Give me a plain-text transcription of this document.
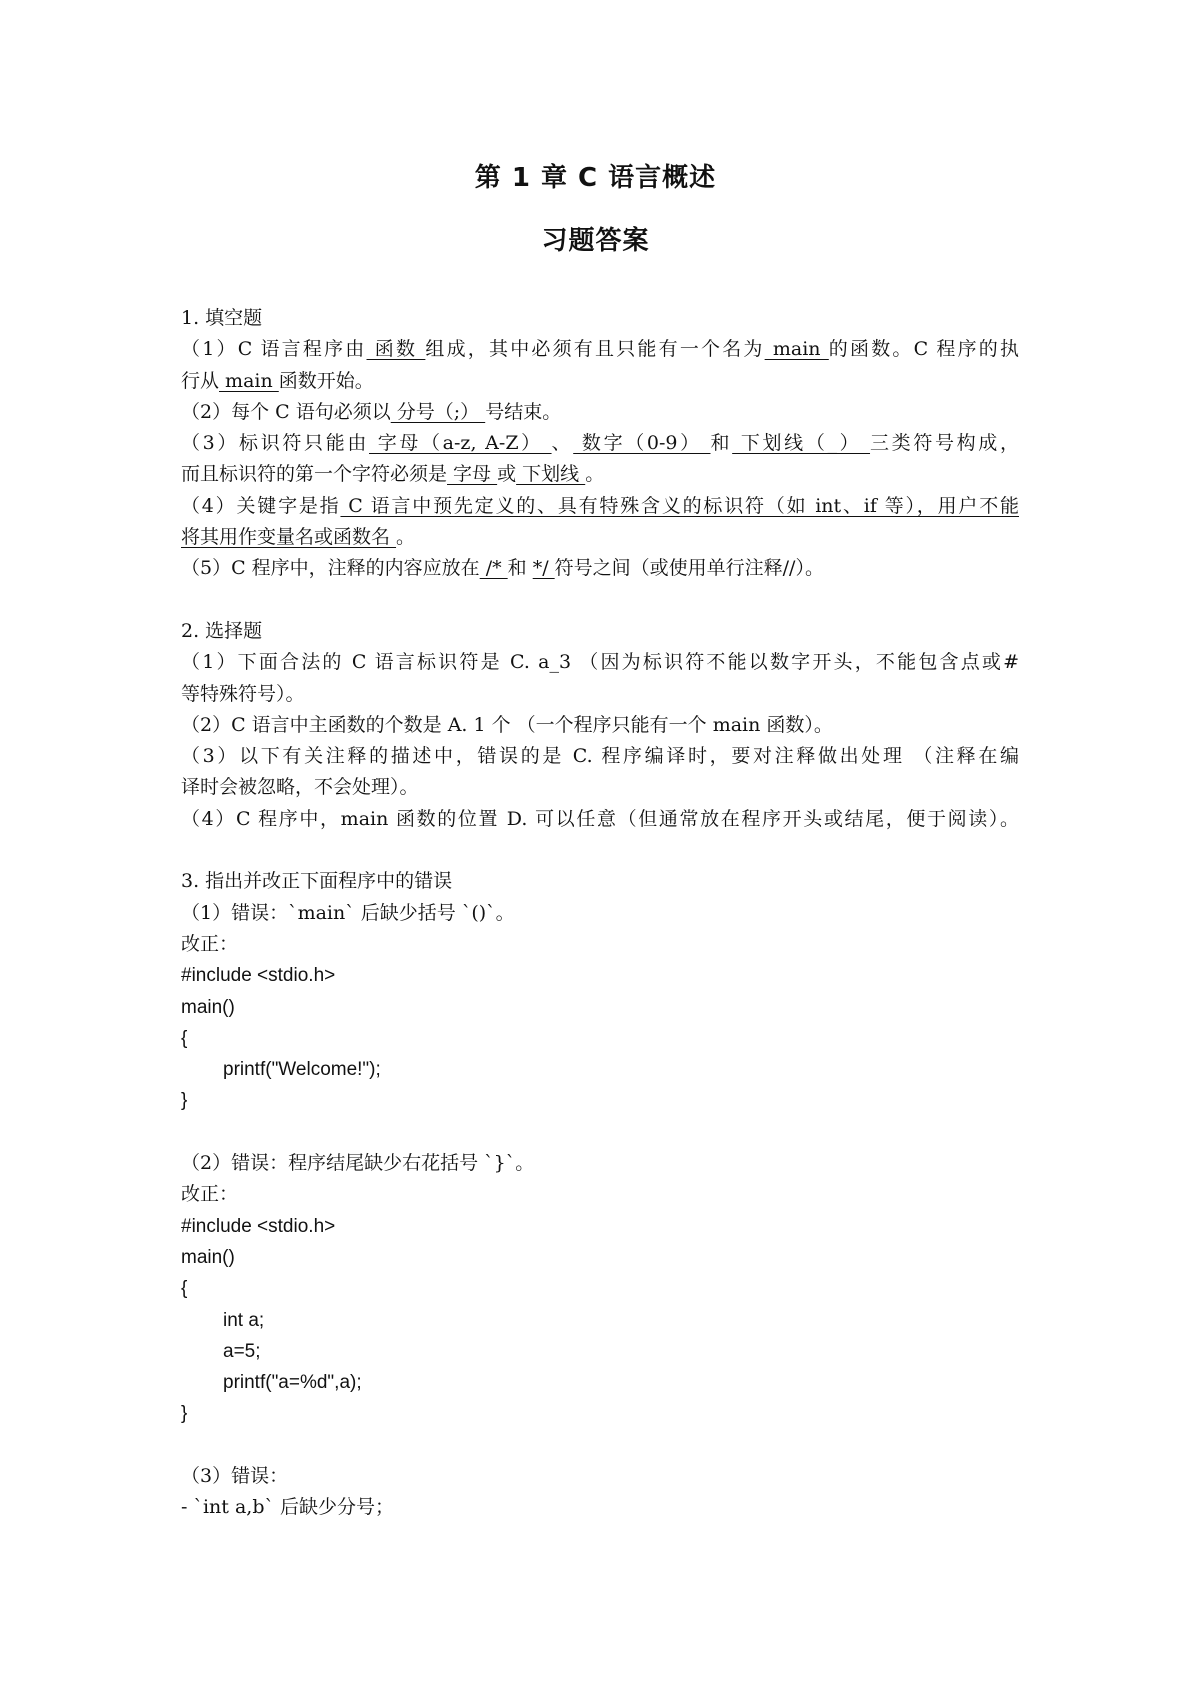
第 1 章 C 语言概述
习题答案
1. 填空题
（1）C 语言程序由 函数 组成，其中必须有且只能有一个名为 main 的函数。C 程序的执
行从 main 函数开始。
（2）每个 C 语句必须以 分号（;） 号结束。
（3）标识符只能由 字母（a-z, A-Z） 、 数字（0-9） 和 下划线（_） 三类符号构成，
而且标识符的第一个字符必须是 字母 或 下划线 。
（4）关键字是指 C 语言中预先定义的、具有特殊含义的标识符（如 int、if 等），用户不能
将其用作变量名或函数名 。
（5）C 程序中，注释的内容应放在 /* 和 */ 符号之间（或使用单行注释//）。
2. 选择题
（1）下面合法的 C 语言标识符是 C. a_3 （因为标识符不能以数字开头，不能包含点或#
等特殊符号）。
（2）C 语言中主函数的个数是 A. 1 个 （一个程序只能有一个 main 函数）。
（3）以下有关注释的描述中，错误的是 C. 程序编译时，要对注释做出处理 （注释在编
译时会被忽略，不会处理）。
（4）C 程序中，main 函数的位置 D. 可以任意（但通常放在程序开头或结尾，便于阅读）。
3. 指出并改正下面程序中的错误
（1）错误：`main` 后缺少括号 `()`。
改正：
#include <stdio.h>
main()
{
printf("Welcome!");
}
（2）错误：程序结尾缺少右花括号 `}`。
改正：
#include <stdio.h>
main()
{
int a;
a=5;
printf("a=%d",a);
}
（3）错误：
- `int a,b` 后缺少分号；
